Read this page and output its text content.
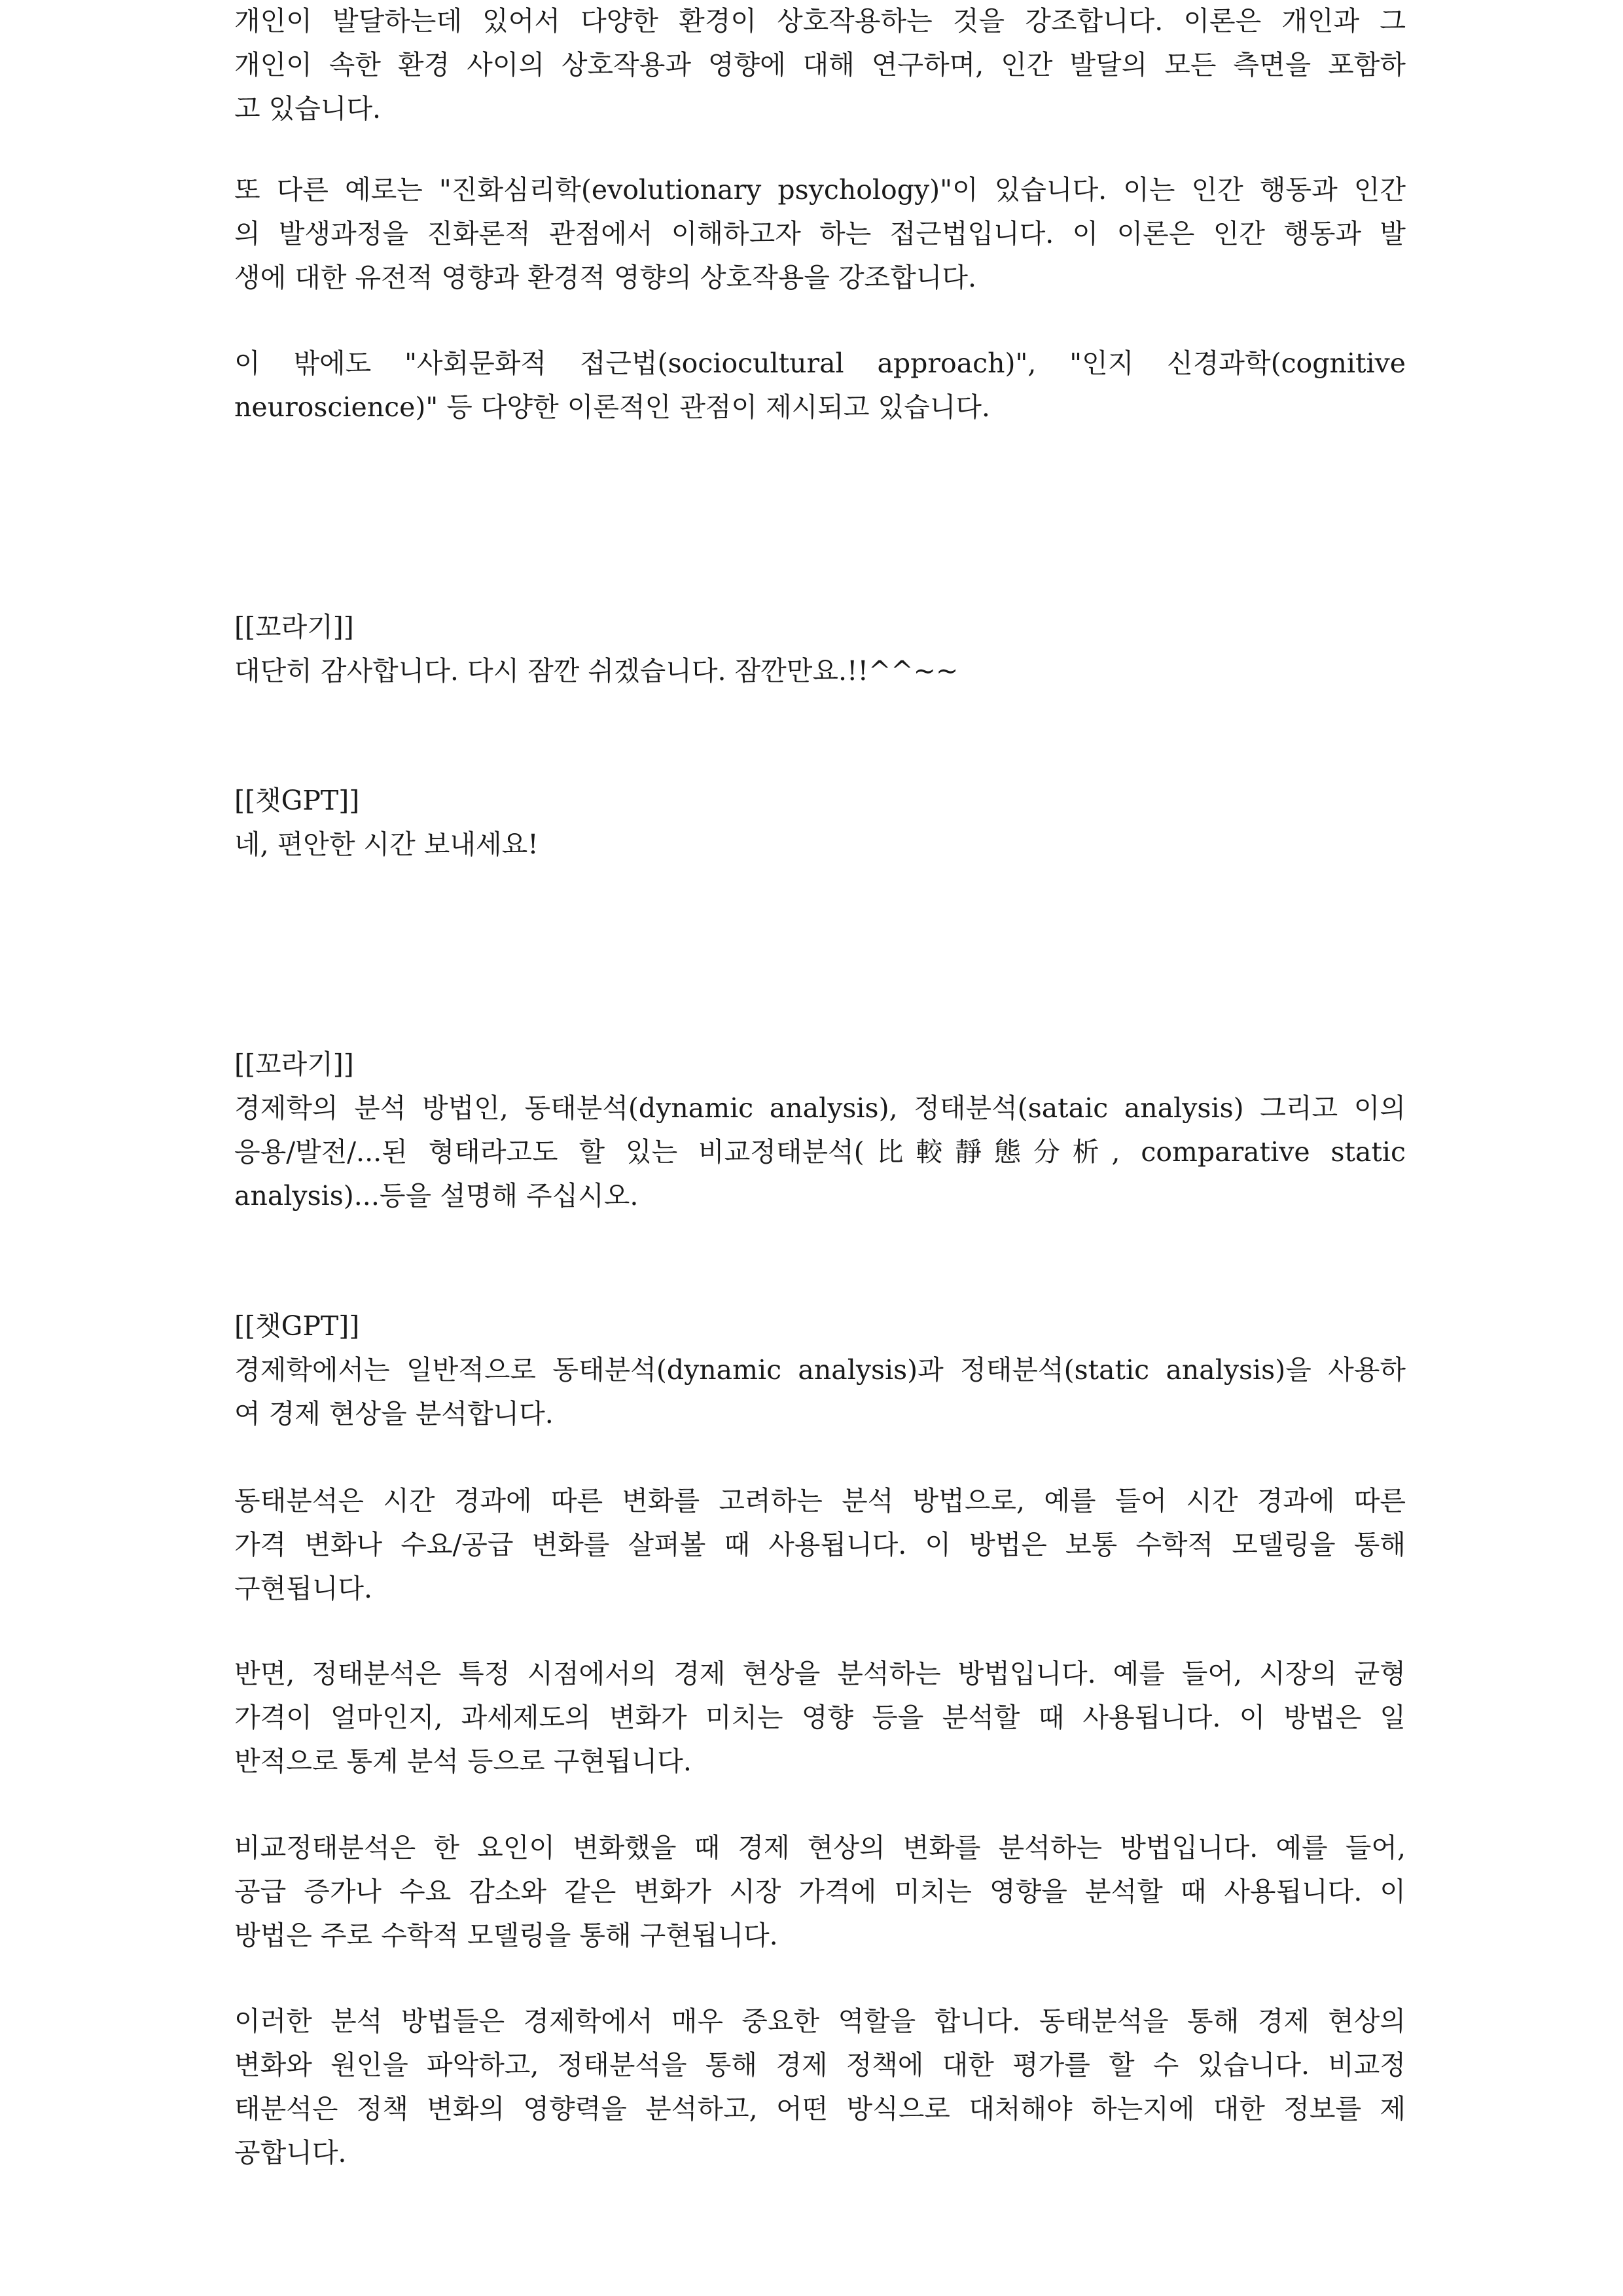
개인이 발달하는데 있어서 다양한 환경이 상호작용하는 것을 강조합니다. 이론은 개인과 그
개인이 속한 환경 사이의 상호작용과 영향에 대해 연구하며, 인간 발달의 모든 측면을 포함하
고 있습니다.
또 다른 예로는 "진화심리학(evolutionary psychology)"이 있습니다. 이는 인간 행동과 인간
의 발생과정을 진화론적 관점에서 이해하고자 하는 접근법입니다. 이 이론은 인간 행동과 발
생에 대한 유전적 영향과 환경적 영향의 상호작용을 강조합니다.
이 밖에도 "사회문화적 접근법(sociocultural approach)", "인지 신경과학(cognitive
neuroscience)" 등 다양한 이론적인 관점이 제시되고 있습니다.
[[꼬라기]]
대단히 감사합니다. 다시 잠깐 쉬겠습니다. 잠깐만요.!!^^~~
[[챗GPT]]
네, 편안한 시간 보내세요!
[[꼬라기]]
경제학의 분석 방법인, 동태분석(dynamic analysis), 정태분석(sataic analysis) 그리고 이의
응용/발전/...된 형태라고도 할 있는 비교정태분석(比較靜態分析, comparative static
analysis)...등을 설명해 주십시오.
[[챗GPT]]
경제학에서는 일반적으로 동태분석(dynamic analysis)과 정태분석(static analysis)을 사용하
여 경제 현상을 분석합니다.
동태분석은 시간 경과에 따른 변화를 고려하는 분석 방법으로, 예를 들어 시간 경과에 따른
가격 변화나 수요/공급 변화를 살펴볼 때 사용됩니다. 이 방법은 보통 수학적 모델링을 통해
구현됩니다.
반면, 정태분석은 특정 시점에서의 경제 현상을 분석하는 방법입니다. 예를 들어, 시장의 균형
가격이 얼마인지, 과세제도의 변화가 미치는 영향 등을 분석할 때 사용됩니다. 이 방법은 일
반적으로 통계 분석 등으로 구현됩니다.
비교정태분석은 한 요인이 변화했을 때 경제 현상의 변화를 분석하는 방법입니다. 예를 들어,
공급 증가나 수요 감소와 같은 변화가 시장 가격에 미치는 영향을 분석할 때 사용됩니다. 이
방법은 주로 수학적 모델링을 통해 구현됩니다.
이러한 분석 방법들은 경제학에서 매우 중요한 역할을 합니다. 동태분석을 통해 경제 현상의
변화와 원인을 파악하고, 정태분석을 통해 경제 정책에 대한 평가를 할 수 있습니다. 비교정
태분석은 정책 변화의 영향력을 분석하고, 어떤 방식으로 대처해야 하는지에 대한 정보를 제
공합니다.
